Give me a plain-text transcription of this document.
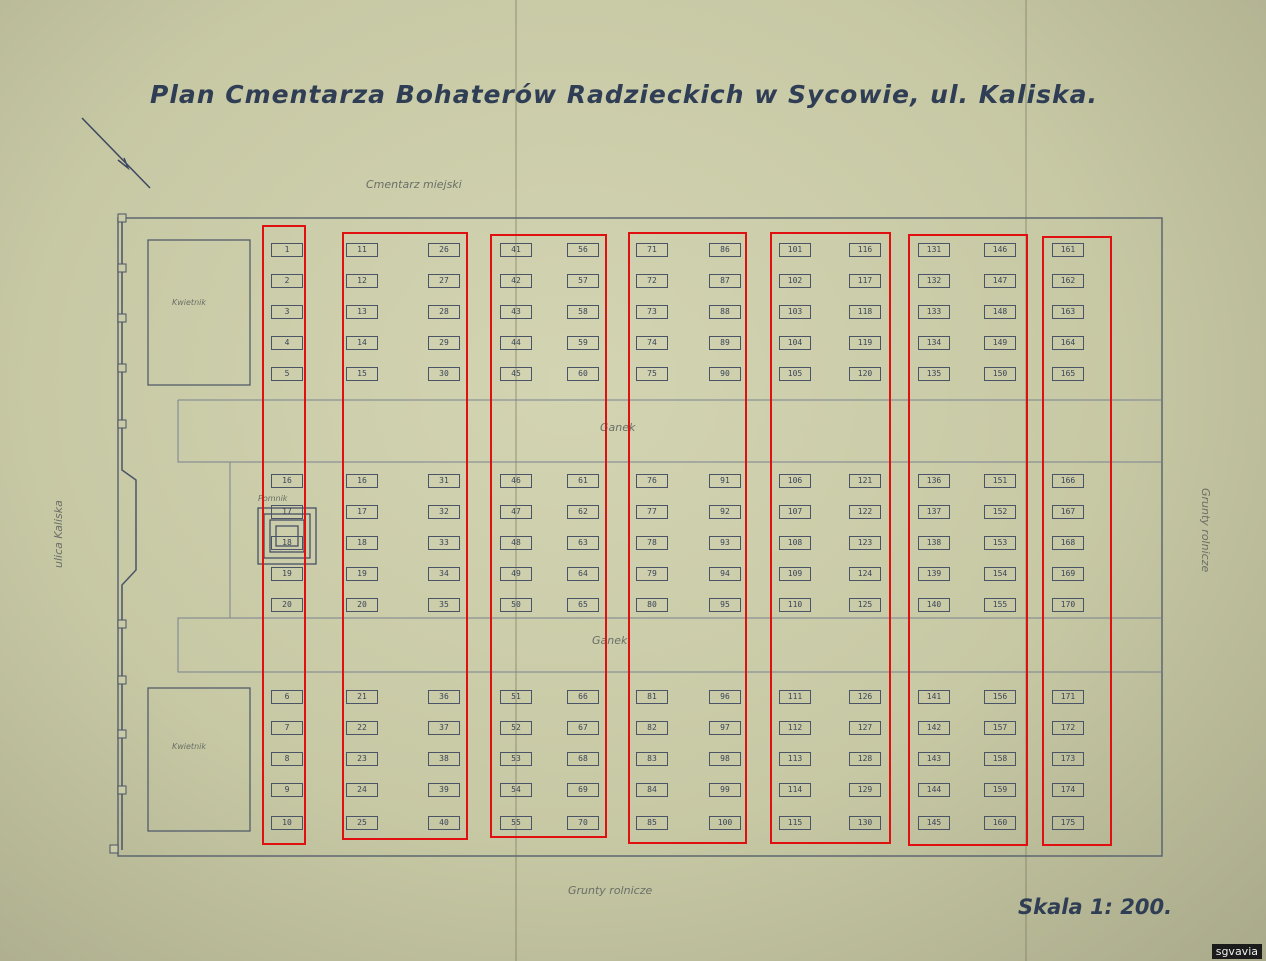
Plan Cmentarza Bohaterów Radzieckich w Sycowie, ul. Kaliska.
Cmentarz miejski
ulica Kaliska	Grunty rolnicze
Grunty rolnicze
Ganek
Ganek
Kwietnik
Kwietnik
Pomnik
Skala 1: 200.
sgvavia
1
2
3
4
5
16
17
18
19
20
6
7
8
9
10
11
12
13
14
15
16
17
18
19
20
21
22
23
24
25
26
27
28
29
30
31
32
33
34
35
36
37
38
39
40
41
42
43
44
45
46
47
48
49
50
51
52
53
54
55
56
57
58
59
60
61
62
63
64
65
66
67
68
69
70
71
72
73
74
75
76
77
78
79
80
81
82
83
84
85
86
87
88
89
90
91
92
93
94
95
96
97
98
99
100
101
102
103
104
105
106
107
108
109
110
111
112
113
114
115
116
117
118
119
120
121
122
123
124
125
126
127
128
129
130
131
132
133
134
135
136
137
138
139
140
141
142
143
144
145
146
147
148
149
150
151
152
153
154
155
156
157
158
159
160
161
162
163
164
165
166
167
168
169
170
171
172
173
174
175
